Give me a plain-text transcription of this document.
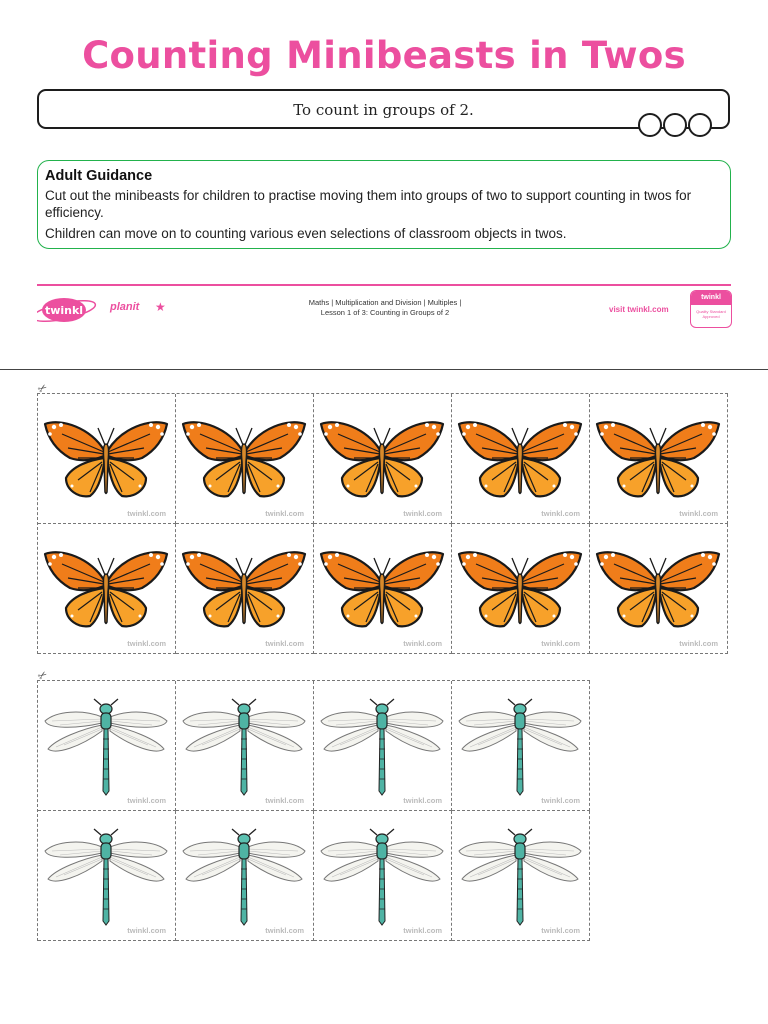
Counting Minibeasts in Twos
To count in groups of 2.
Adult Guidance

Cut out the minibeasts for children to practise moving them into groups of two to support counting in twos for efficiency.

Children can move on to counting various even selections of classroom objects in twos.

twinkl planit ★	Maths | Multiplication and Division | Multiples |
Lesson 1 of 3: Counting in Groups of 2	visit twinkl.com
twinkl
Quality Standard Approved
✂
twinkl.com	twinkl.com	twinkl.com	twinkl.com	twinkl.com
twinkl.com	twinkl.com	twinkl.com	twinkl.com	twinkl.com
✂
twinkl.com	twinkl.com	twinkl.com	twinkl.com
twinkl.com	twinkl.com	twinkl.com	twinkl.com
